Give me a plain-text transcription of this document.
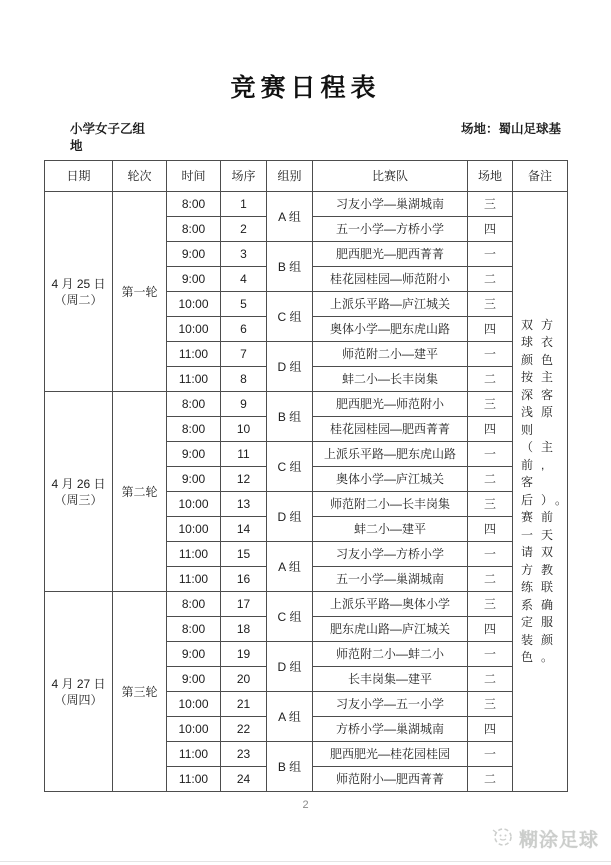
竞赛日程表
小学女子乙组	场地：蜀山足球基
地
日期	轮次	时间	场序	组别	比赛队	场地	备注
4 月 25 日（周二）	第一轮	8:00	1	A 组	习友小学—巢湖城南	三	双方球衣颜色按主深客浅原则（主前,客后）。赛前一天请双方教练联系确定服装颜色。

		8:00	2		五一小学—方桥小学	四	
		9:00	3	B 组	肥西肥光—肥西菁菁	一	
		9:00	4		桂花园桂园—师范附小	二	
		10:00	5	C 组	上派乐平路—庐江城关	三	
		10:00	6		奥体小学—肥东虎山路	四	
		11:00	7	D 组	师范附二小—建平	一	
		11:00	8		蚌二小—长丰岗集	二	
4 月 26 日（周三）	第二轮	8:00	9	B 组	肥西肥光—师范附小	三	
		8:00	10		桂花园桂园—肥西菁菁	四	
		9:00	11	C 组	上派乐平路—肥东虎山路	一	
		9:00	12		奥体小学—庐江城关	二	
		10:00	13	D 组	师范附二小—长丰岗集	三	
		10:00	14		蚌二小—建平	四	
		11:00	15	A 组	习友小学—方桥小学	一	
		11:00	16		五一小学—巢湖城南	二	
4 月 27 日（周四）	第三轮	8:00	17	C 组	上派乐平路—奥体小学	三	
		8:00	18		肥东虎山路—庐江城关	四	
		9:00	19	D 组	师范附二小—蚌二小	一	
		9:00	20		长丰岗集—建平	二	
		10:00	21	A 组	习友小学—五一小学	三	
		10:00	22		方桥小学—巢湖城南	四	
		11:00	23	B 组	肥西肥光—桂花园桂园	一	
		11:00	24		师范附小—肥西菁菁	二	
2
糊涂足球
